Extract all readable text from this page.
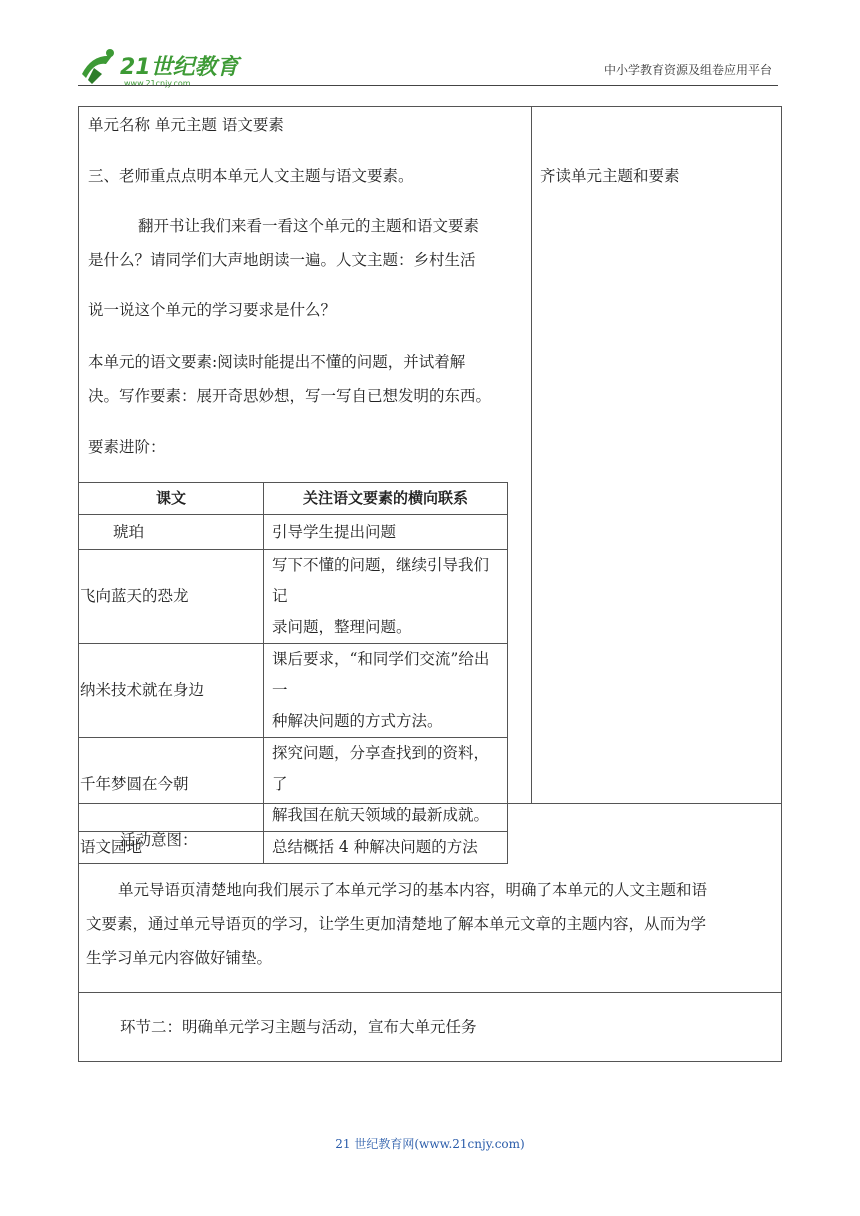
21世纪教育
www.21cnjy.com
中小学教育资源及组卷应用平台
单元名称 单元主题 语文要素
三、老师重点点明本单元人文主题与语文要素。
翻开书让我们来看一看这个单元的主题和语文要素
是什么？请同学们大声地朗读一遍。人文主题：乡村生活
说一说这个单元的学习要求是什么？
本单元的语文要素:阅读时能提出不懂的问题，并试着解
决。写作要素：展开奇思妙想，写一写自已想发明的东西。
要素进阶：
齐读单元主题和要素
课文	关注语文要素的横向联系
琥珀	引导学生提出问题

飞向蓝天的恐龙	写下不懂的问题，继续引导我们记
录问题，整理问题。

纳米技术就在身边	课后要求，“和同学们交流”给出一
种解决问题的方式方法。

千年梦圆在今朝	探究问题，分享查找到的资料，了
解我国在航天领域的最新成就。

语文园地	总结概括 4 种解决问题的方法
活动意图：
单元导语页清楚地向我们展示了本单元学习的基本内容，明确了本单元的人文主题和语
文要素，通过单元导语页的学习，让学生更加清楚地了解本单元文章的主题内容，从而为学
生学习单元内容做好铺垫。
环节二：明确单元学习主题与活动，宣布大单元任务
21 世纪教育网(www.21cnjy.com)
